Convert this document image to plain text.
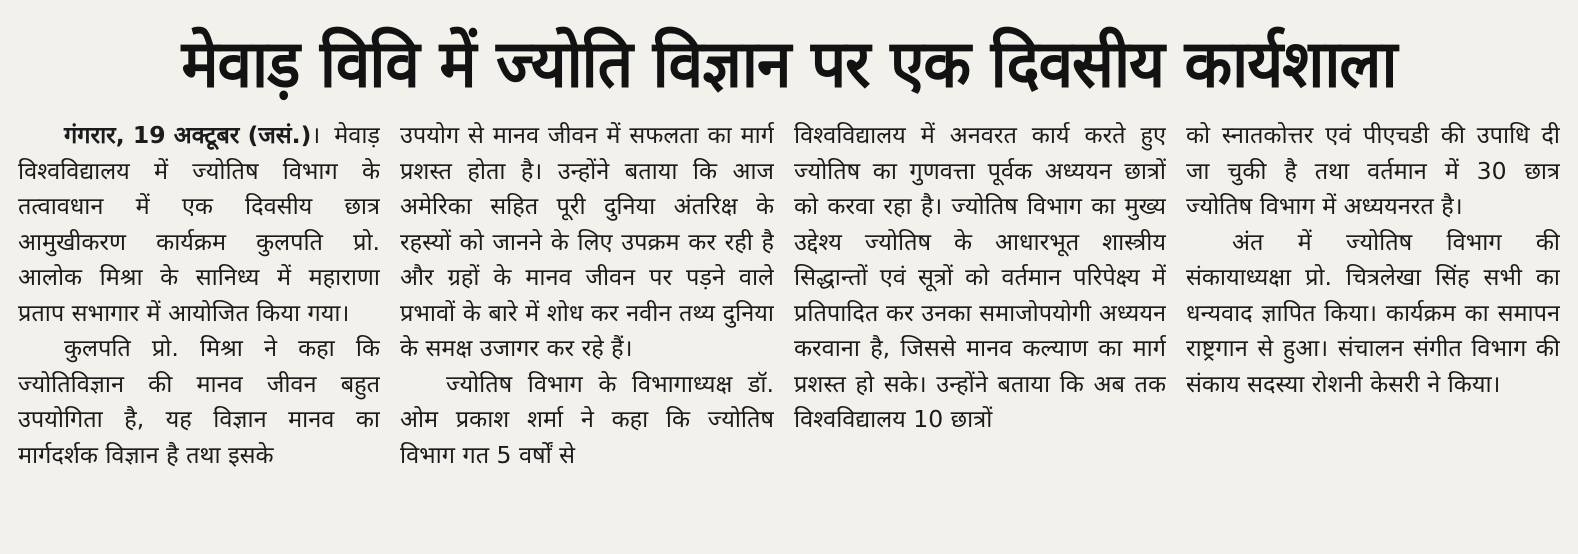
मेवाड़ विवि में ज्योति विज्ञान पर एक दिवसीय कार्यशाला

गंगरार, 19 अक्टूबर (जसं.)। मेवाड़ विश्वविद्यालय में ज्योतिष विभाग के तत्वावधान में एक दिवसीय छात्र आमुखीकरण कार्यक्रम कुलपति प्रो. आलोक मिश्रा के सानिध्य में महाराणा प्रताप सभागार में आयोजित किया गया।

कुलपति प्रो. मिश्रा ने कहा कि ज्योतिविज्ञान की मानव जीवन बहुत उपयोगिता है, यह विज्ञान मानव का मार्गदर्शक विज्ञान है तथा इसके

उपयोग से मानव जीवन में सफलता का मार्ग प्रशस्त होता है। उन्होंने बताया कि आज अमेरिका सहित पूरी दुनिया अंतरिक्ष के रहस्यों को जानने के लिए उपक्रम कर रही है और ग्रहों के मानव जीवन पर पड़ने वाले प्रभावों के बारे में शोध कर नवीन तथ्य दुनिया के समक्ष उजागर कर रहे हैं।

ज्योतिष विभाग के विभागाध्यक्ष डॉ. ओम प्रकाश शर्मा ने कहा कि ज्योतिष विभाग गत 5 वर्षों से

विश्वविद्यालय में अनवरत कार्य करते हुए ज्योतिष का गुणवत्ता पूर्वक अध्ययन छात्रों को करवा रहा है। ज्योतिष विभाग का मुख्य उद्देश्य ज्योतिष के आधारभूत शास्त्रीय सिद्धान्तों एवं सूत्रों को वर्तमान परिपेक्ष्य में प्रतिपादित कर उनका समाजोपयोगी अध्ययन करवाना है, जिससे मानव कल्याण का मार्ग प्रशस्त हो सके। उन्होंने बताया कि अब तक विश्वविद्यालय 10 छात्रों

को स्नातकोत्तर एवं पीएचडी की उपाधि दी जा चुकी है तथा वर्तमान में 30 छात्र ज्योतिष विभाग में अध्ययनरत है।

अंत में ज्योतिष विभाग की संकायाध्यक्षा प्रो. चित्रलेखा सिंह सभी का धन्यवाद ज्ञापित किया। कार्यक्रम का समापन राष्ट्रगान से हुआ। संचालन संगीत विभाग की संकाय सदस्या रोशनी केसरी ने किया।
